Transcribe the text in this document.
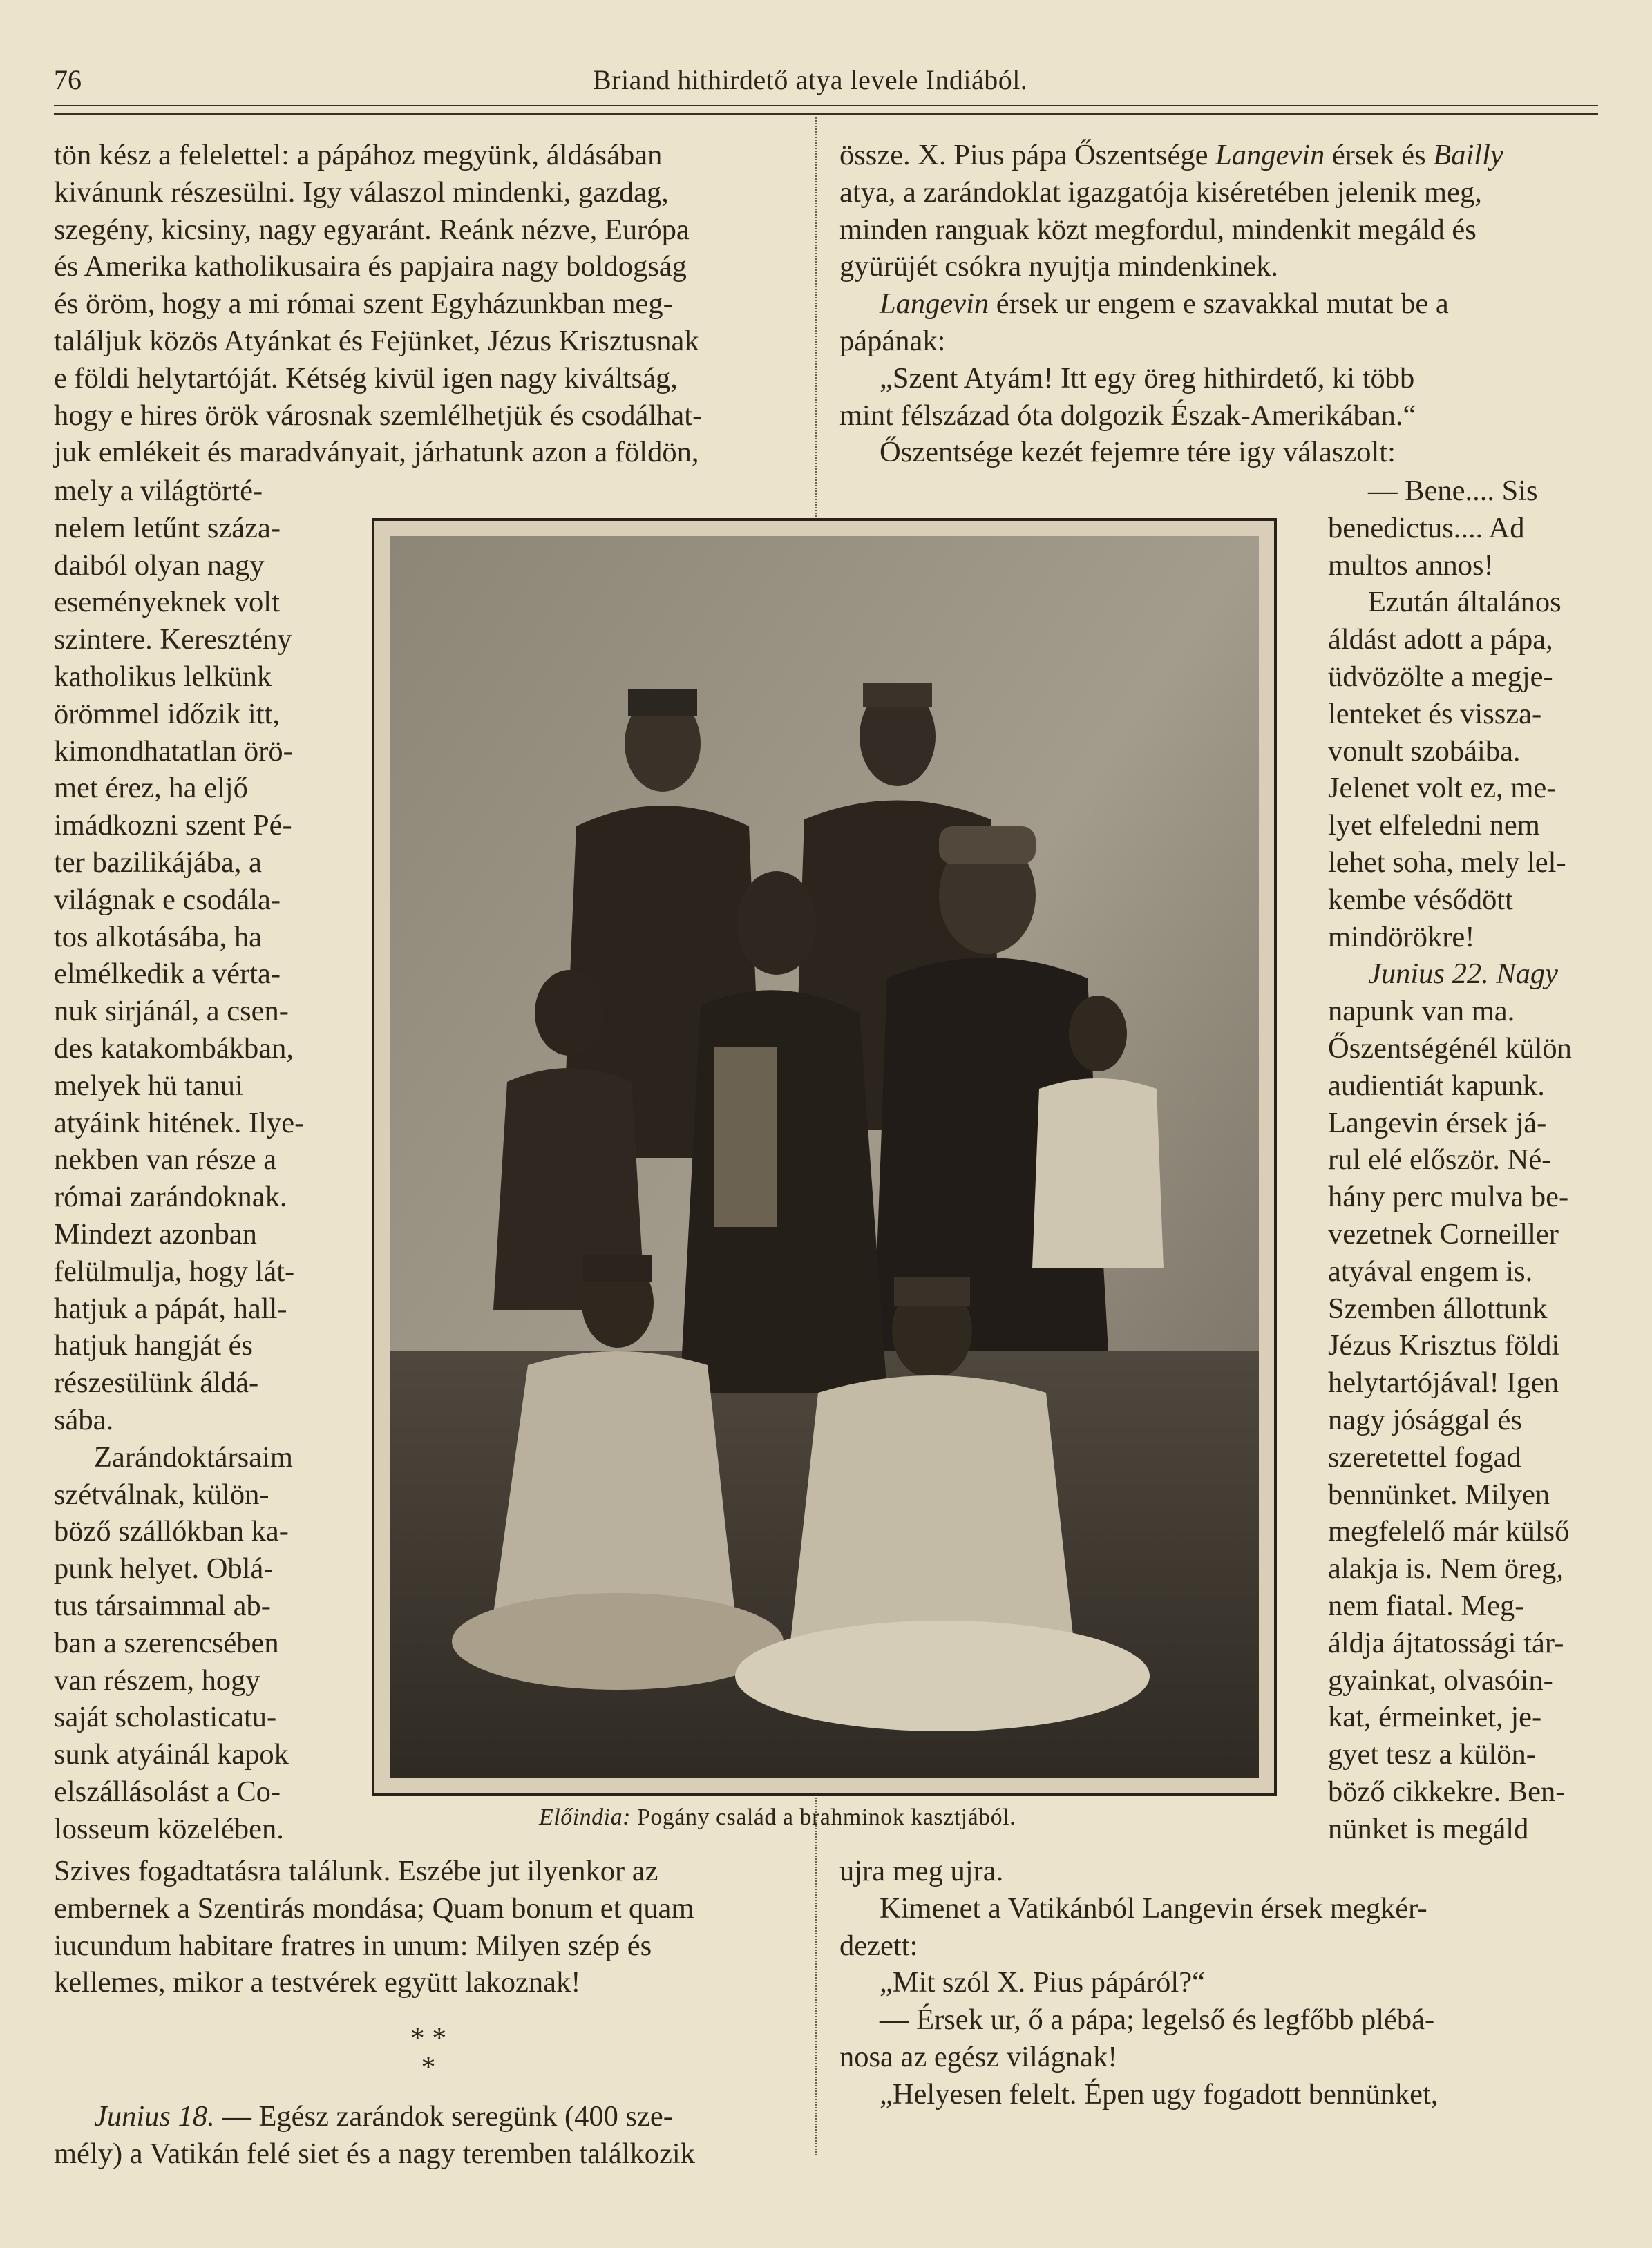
76	Briand hithirdető atya levele Indiából.

tön kész a felelettel: a pápához megyünk, áldásában

kivánunk részesülni. Igy válaszol mindenki, gazdag,

szegény, kicsiny, nagy egyaránt. Reánk nézve, Európa

és Amerika katholikusaira és papjaira nagy boldogság

és öröm, hogy a mi római szent Egyházunkban meg-

találjuk közös Atyánkat és Fejünket, Jézus Krisztusnak

e földi helytartóját. Kétség kivül igen nagy kiváltság,

hogy e hires örök városnak szemlélhetjük és csodálhat-

juk emlékeit és maradványait, járhatunk azon a földön,

össze. X. Pius pápa Őszentsége Langevin érsek és Bailly

atya, a zarándoklat igazgatója kiséretében jelenik meg,

minden ranguak közt megfordul, mindenkit megáld és

gyürüjét csókra nyujtja mindenkinek.

Langevin érsek ur engem e szavakkal mutat be a

pápának:

„Szent Atyám! Itt egy öreg hithirdető, ki több

mint félszázad óta dolgozik Észak-Amerikában.“

Őszentsége kezét fejemre tére igy válaszolt:

mely a világtörté-

nelem letűnt száza-

daiból olyan nagy

eseményeknek volt

szintere. Keresztény

katholikus lelkünk

örömmel időzik itt,

kimondhatatlan örö-

met érez, ha eljő

imádkozni szent Pé-

ter bazilikájába, a

világnak e csodála-

tos alkotásába, ha

elmélkedik a vérta-

nuk sirjánál, a csen-

des katakombákban,

melyek hü tanui

atyáink hitének. Ilye-

nekben van része a

római zarándoknak.

Mindezt azonban

felülmulja, hogy lát-

hatjuk a pápát, hall-

hatjuk hangját és

részesülünk áldá-

sába.

Zarándoktársaim

szétválnak, külön-

böző szállókban ka-

punk helyet. Oblá-

tus társaimmal ab-

ban a szerencsében

van részem, hogy

saját scholasticatu-

sunk atyáinál kapok

elszállásolást a Co-

losseum közelében.	Előindia: Pogány család a brahminok kasztjából.

— Bene.... Sis

benedictus.... Ad

multos annos!

Ezután általános

áldást adott a pápa,

üdvözölte a megje-

lenteket és vissza-

vonult szobáiba.

Jelenet volt ez, me-

lyet elfeledni nem

lehet soha, mely lel-

kembe vésődött

mindörökre!

Junius 22. Nagy

napunk van ma.

Őszentségénél külön

audientiát kapunk.

Langevin érsek já-

rul elé először. Né-

hány perc mulva be-

vezetnek Corneiller

atyával engem is.

Szemben állottunk

Jézus Krisztus földi

helytartójával! Igen

nagy jósággal és

szeretettel fogad

bennünket. Milyen

megfelelő már külső

alakja is. Nem öreg,

nem fiatal. Meg-

áldja ájtatossági tár-

gyainkat, olvasóin-

kat, érmeinket, je-

gyet tesz a külön-

böző cikkekre. Ben-

nünket is megáld

Szives fogadtatásra találunk. Eszébe jut ilyenkor az

embernek a Szentirás mondása; Quam bonum et quam

iucundum habitare fratres in unum: Milyen szép és

kellemes, mikor a testvérek együtt lakoznak!

* *
*

Junius 18. — Egész zarándok seregünk (400 sze-

mély) a Vatikán felé siet és a nagy teremben találkozik

ujra meg ujra.

Kimenet a Vatikánból Langevin érsek megkér-

dezett:

„Mit szól X. Pius pápáról?“

— Érsek ur, ő a pápa; legelső és legfőbb plébá-

nosa az egész világnak!

„Helyesen felelt. Épen ugy fogadott bennünket,
